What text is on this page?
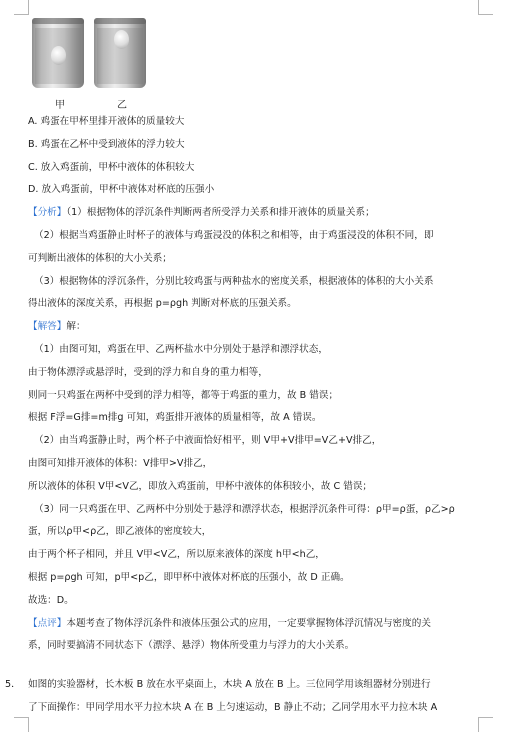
甲	乙
A. 鸡蛋在甲杯里排开液体的质量较大
B. 鸡蛋在乙杯中受到液体的浮力较大
C. 放入鸡蛋前，甲杯中液体的体积较大
D. 放入鸡蛋前，甲杯中液体对杯底的压强小
【分析】（1）根据物体的浮沉条件判断两者所受浮力关系和排开液体的质量关系；
（2）根据当鸡蛋静止时杯子的液体与鸡蛋浸没的体积之和相等，由于鸡蛋浸没的体积不同，即
可判断出液体的体积的大小关系；
（3）根据物体的浮沉条件，分别比较鸡蛋与两种盐水的密度关系，根据液体的体积的大小关系
得出液体的深度关系，再根据 p=ρgh 判断对杯底的压强关系。
【解答】解：
（1）由图可知，鸡蛋在甲、乙两杯盐水中分别处于悬浮和漂浮状态，
由于物体漂浮或悬浮时，受到的浮力和自身的重力相等，
则同一只鸡蛋在两杯中受到的浮力相等，都等于鸡蛋的重力，故 B 错误；
根据 F浮=G排=m排g 可知，鸡蛋排开液体的质量相等，故 A 错误。
（2）由当鸡蛋静止时，两个杯子中液面恰好相平，则 V甲+V排甲=V乙+V排乙，
由图可知排开液体的体积：V排甲>V排乙，
所以液体的体积 V甲<V乙，即放入鸡蛋前，甲杯中液体的体积较小，故 C 错误；
（3）同一只鸡蛋在甲、乙两杯中分别处于悬浮和漂浮状态，根据浮沉条件可得：ρ甲=ρ蛋，ρ乙>ρ
蛋，所以ρ甲<ρ乙，即乙液体的密度较大，
由于两个杯子相同，并且 V甲<V乙，所以原来液体的深度 h甲<h乙，
根据 p=ρgh 可知，p甲<p乙，即甲杯中液体对杯底的压强小，故 D 正确。
故选：D。
【点评】本题考查了物体浮沉条件和液体压强公式的应用，一定要掌握物体浮沉情况与密度的关
系，同时要搞清不同状态下（漂浮、悬浮）物体所受重力与浮力的大小关系。
5． 如图的实验器材，长木板 B 放在水平桌面上，木块 A 放在 B 上。三位同学用该组器材分别进行
了下面操作：甲同学用水平力拉木块 A 在 B 上匀速运动，B 静止不动；乙同学用水平力拉木块 A
